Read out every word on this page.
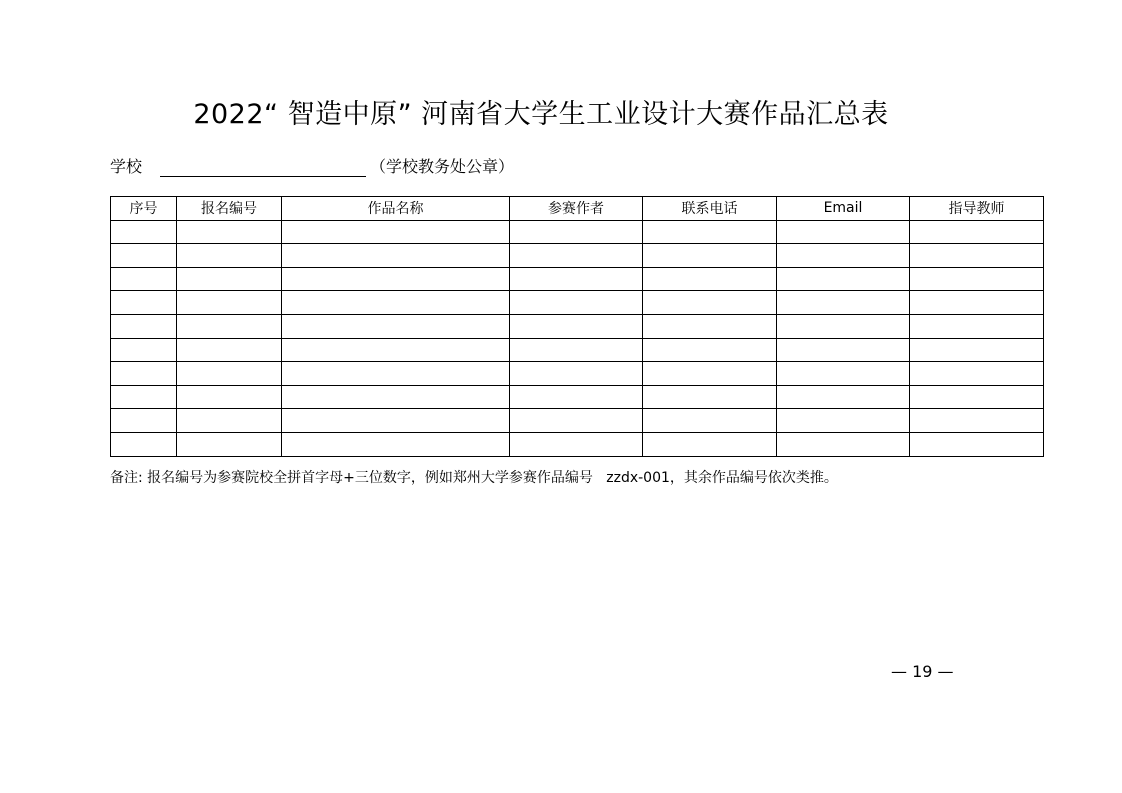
2022“ 智造中原” 河南省大学生工业设计大赛作品汇总表
学校	（学校教务处公章）
序号	报名编号	作品名称	参赛作者	联系电话	Email	指导教师

备注: 报名编号为参赛院校全拼首字母+三位数字，例如郑州大学参赛作品编号   zzdx-001，其余作品编号依次类推。
— 19 —
